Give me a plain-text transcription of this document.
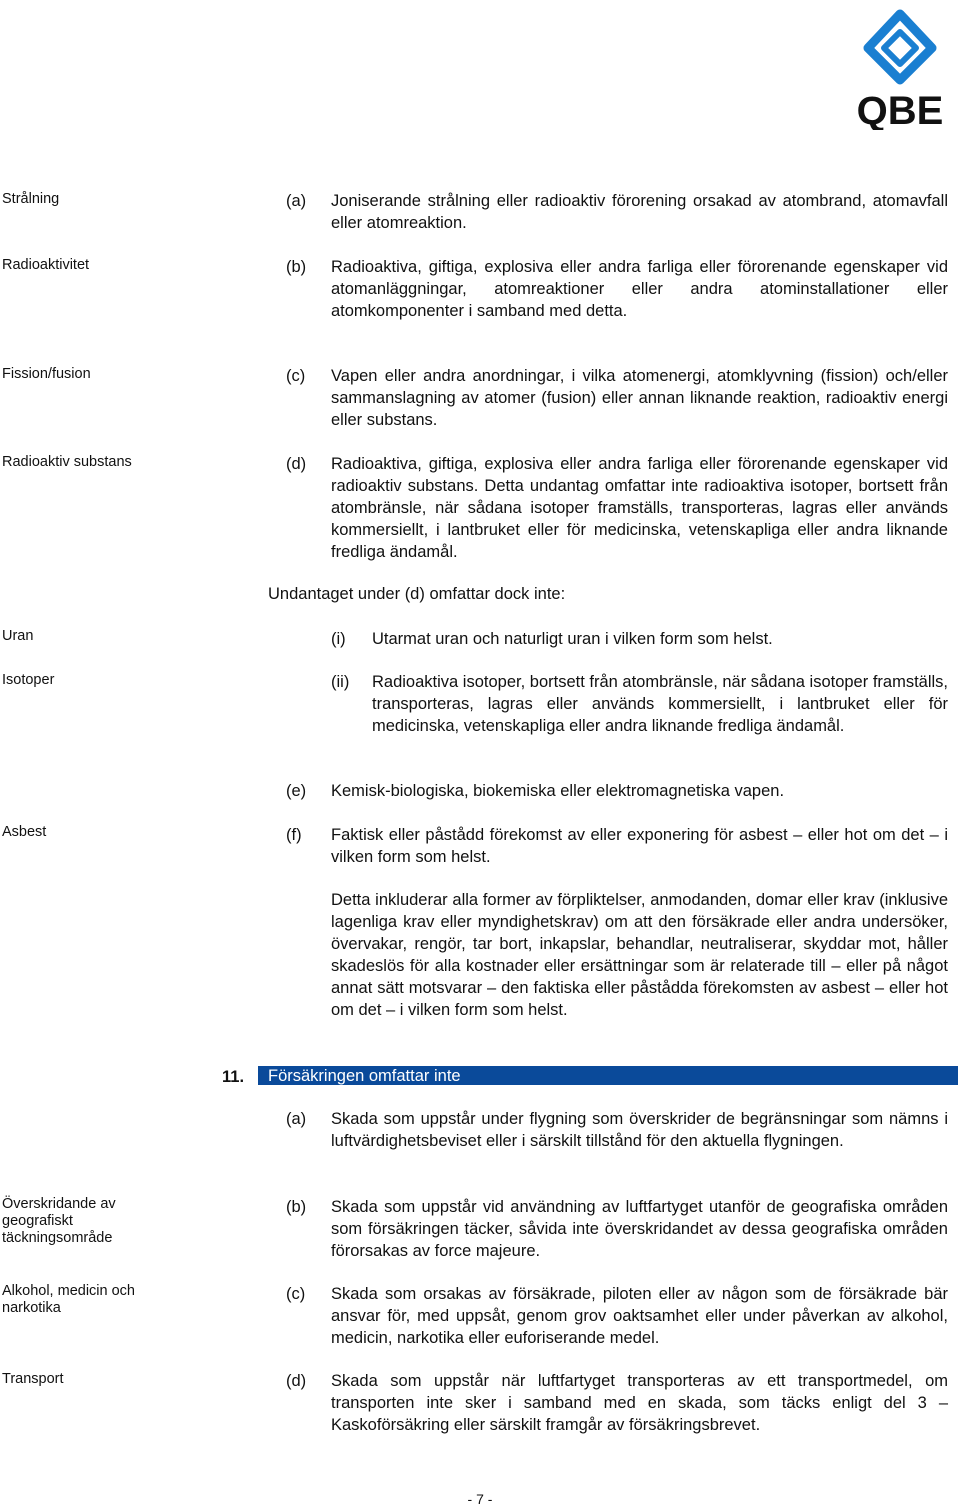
QBE
Strålning
Radioaktivitet
Fission/fusion
Radioaktiv substans
Uran
Isotoper
Asbest
Överskridande av geografiskt täckningsområde
Alkohol, medicin och narkotika
Transport
(a) Joniserande strålning eller radioaktiv förorening orsakad av atombrand, atomavfall eller atomreaktion.
(b) Radioaktiva, giftiga, explosiva eller andra farliga eller förorenande egenskaper vid atomanläggningar, atomreaktioner eller andra atominstallationer eller atomkomponenter i samband med detta.
(c) Vapen eller andra anordningar, i vilka atomenergi, atomklyvning (fission) och/eller sammanslagning av atomer (fusion) eller annan liknande reaktion, radioaktiv energi eller substans.
(d) Radioaktiva, giftiga, explosiva eller andra farliga eller förorenande egenskaper vid radioaktiv substans. Detta undantag omfattar inte radioaktiva isotoper, bortsett från atombränsle, när sådana isotoper framställs, transporteras, lagras eller används kommersiellt, i lantbruket eller för medicinska, vetenskapliga eller andra liknande fredliga ändamål.
Undantaget under (d) omfattar dock inte:
(i) Utarmat uran och naturligt uran i vilken form som helst.
(ii) Radioaktiva isotoper, bortsett från atombränsle, när sådana isotoper framställs, transporteras, lagras eller används kommersiellt, i lantbruket eller för medicinska, vetenskapliga eller andra liknande fredliga ändamål.
(e) Kemisk-biologiska, biokemiska eller elektromagnetiska vapen.
(f) Faktisk eller påstådd förekomst av eller exponering för asbest – eller hot om det – i vilken form som helst.
Detta inkluderar alla former av förpliktelser, anmodanden, domar eller krav (inklusive lagenliga krav eller myndighetskrav) om att den försäkrade eller andra undersöker, övervakar, rengör, tar bort, inkapslar, behandlar, neutraliserar, skyddar mot, håller skadeslös för alla kostnader eller ersättningar som är relaterade till – eller på något annat sätt motsvarar – den faktiska eller påstådda förekomsten av asbest – eller hot om det – i vilken form som helst.
11.	Försäkringen omfattar inte
(a) Skada som uppstår under flygning som överskrider de begränsningar som nämns i luftvärdighetsbeviset eller i särskilt tillstånd för den aktuella flygningen.
(b) Skada som uppstår vid användning av luftfartyget utanför de geografiska områden som försäkringen täcker, såvida inte överskridandet av dessa geografiska områden förorsakas av force majeure.
(c) Skada som orsakas av försäkrade, piloten eller av någon som de försäkrade bär ansvar för, med uppsåt, genom grov oaktsamhet eller under påverkan av alkohol, medicin, narkotika eller euforiserande medel.
(d) Skada som uppstår när luftfartyget transporteras av ett transportmedel, om transporten inte sker i samband med en skada, som täcks enligt del 3 – Kaskoförsäkring eller särskilt framgår av försäkringsbrevet.
- 7 -
